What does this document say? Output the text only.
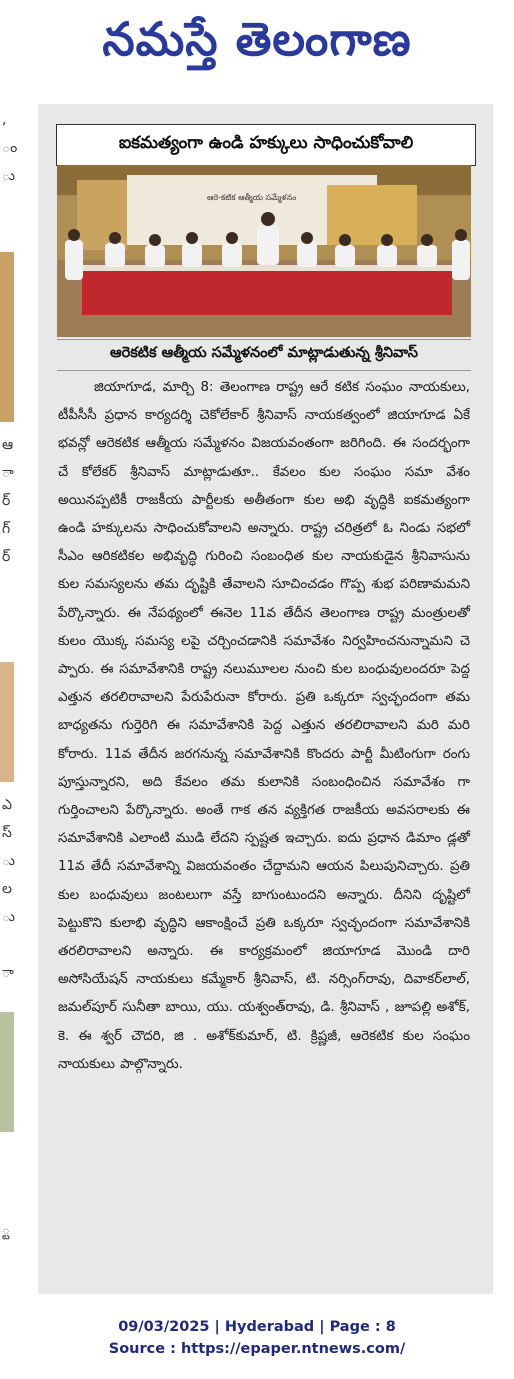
నమస్తే తెలంగాణ
,
ం
ు
ఆ
ా
ర్
గ్
ర్
ఎ
స్
ు
ల
ు
ా
్ట
ఐకమత్యంగా ఉండి హక్కులు సాధించుకోవాలి
ఆరె-కటిక ఆత్మీయ సమ్మేళనం
ఆరెకటిక ఆత్మీయ సమ్మేళనంలో మాట్లాడుతున్న శ్రీనివాస్

జియాగూడ, మార్చి 8: తెలంగాణ రాష్ట్ర ఆరే కటిక సంఘం నాయకులు, టీపీసీసీ ప్రధాన కార్యదర్శి చెకోలేకార్ శ్రీనివాస్ నాయకత్వంలో జియాగూడ ఏకే భవన్లో ఆరెకటిక ఆత్మీయ సమ్మేళనం విజయవంతంగా జరిగింది. ఈ సందర్భంగా చే కోలేకర్ శ్రీనివాస్ మాట్లాడుతూ.. కేవలం కుల సంఘం సమా వేశం అయినప్పటికీ రాజకీయ పార్టీలకు అతీతంగా కుల అభి వృద్ధికి ఐకమత్యంగా ఉండి హక్కులను సాధించుకోవాలని అన్నారు. రాష్ట్ర చరిత్రలో ఓ నిండు సభలో సీఎం ఆరికటికల అభివృద్ధి గురించి సంబంధిత కుల నాయకుడైన శ్రీనివాసును కుల సమస్యలను తమ దృష్టికి తేవాలని సూచించడం గొప్ప శుభ పరిణామమని పేర్కొన్నారు. ఈ నేపథ్యంలో ఈనెల 11వ తేదీన తెలంగాణ రాష్ట్ర మంత్రులతో కులం యొక్క సమస్య లపై చర్చించడానికి సమావేశం నిర్వహించనున్నామని చె ప్పారు. ఈ సమావేశానికి రాష్ట్ర నలుమూలల నుంచి కుల బంధువులందరూ పెద్ద ఎత్తున తరలిరావాలని పేరుపేరునా కోరారు. ప్రతి ఒక్కరూ స్వచ్ఛందంగా తమ బాధ్యతను గుర్తెరిగి ఈ సమావేశానికి పెద్ద ఎత్తున తరలిరావాలని మరి మరి కోరారు. 11వ తేదీన జరగనున్న సమావేశానికి కొందరు పార్టీ మీటింగుగా రంగు పూస్తున్నారని, అది కేవలం తమ కులానికి సంబంధించిన సమావేశం గా గుర్తించాలని పేర్కొన్నారు. అంతే గాక తన వ్యక్తిగత రాజకీయ అవసరాలకు ఈ సమావేశానికి ఎలాంటి ముడి లేదని స్పష్టత ఇచ్చారు. ఐదు ప్రధాన డిమాం డ్లతో 11వ తేదీ సమావేశాన్ని విజయవంతం చేద్దామని ఆయన పిలుపునిచ్చారు. ప్రతి కుల బంధువులు జంటలుగా వస్తే బాగుంటుందని అన్నారు. దీనిని దృష్టిలో పెట్టుకొని కులాభి వృద్ధిని ఆకాంక్షించే ప్రతి ఒక్కరూ స్వచ్ఛందంగా సమావేశానికి తరలిరావాలని అన్నారు. ఈ కార్యక్రమంలో జియాగూడ మొండి దారి అసోసియేషన్ నాయకులు కమ్మేకార్ శ్రీనివాస్, టి. నర్సింగ్‌రావు, దివాకర్‌లాల్, జమల్‌పూర్ సునీతా బాయి, యు. యశ్వంత్‌రావు, డి. శ్రీనివాస్ , జూపల్లి అశోక్, కె. ఈ శ్వర్ చౌదరి, జి . అశోక్‌కుమార్, టి. క్రిష్ణజీ, ఆరెకటిక కుల సంఘం నాయకులు పాల్గొన్నారు.

09/03/2025 | Hyderabad | Page : 8
Source : https://epaper.ntnews.com/
